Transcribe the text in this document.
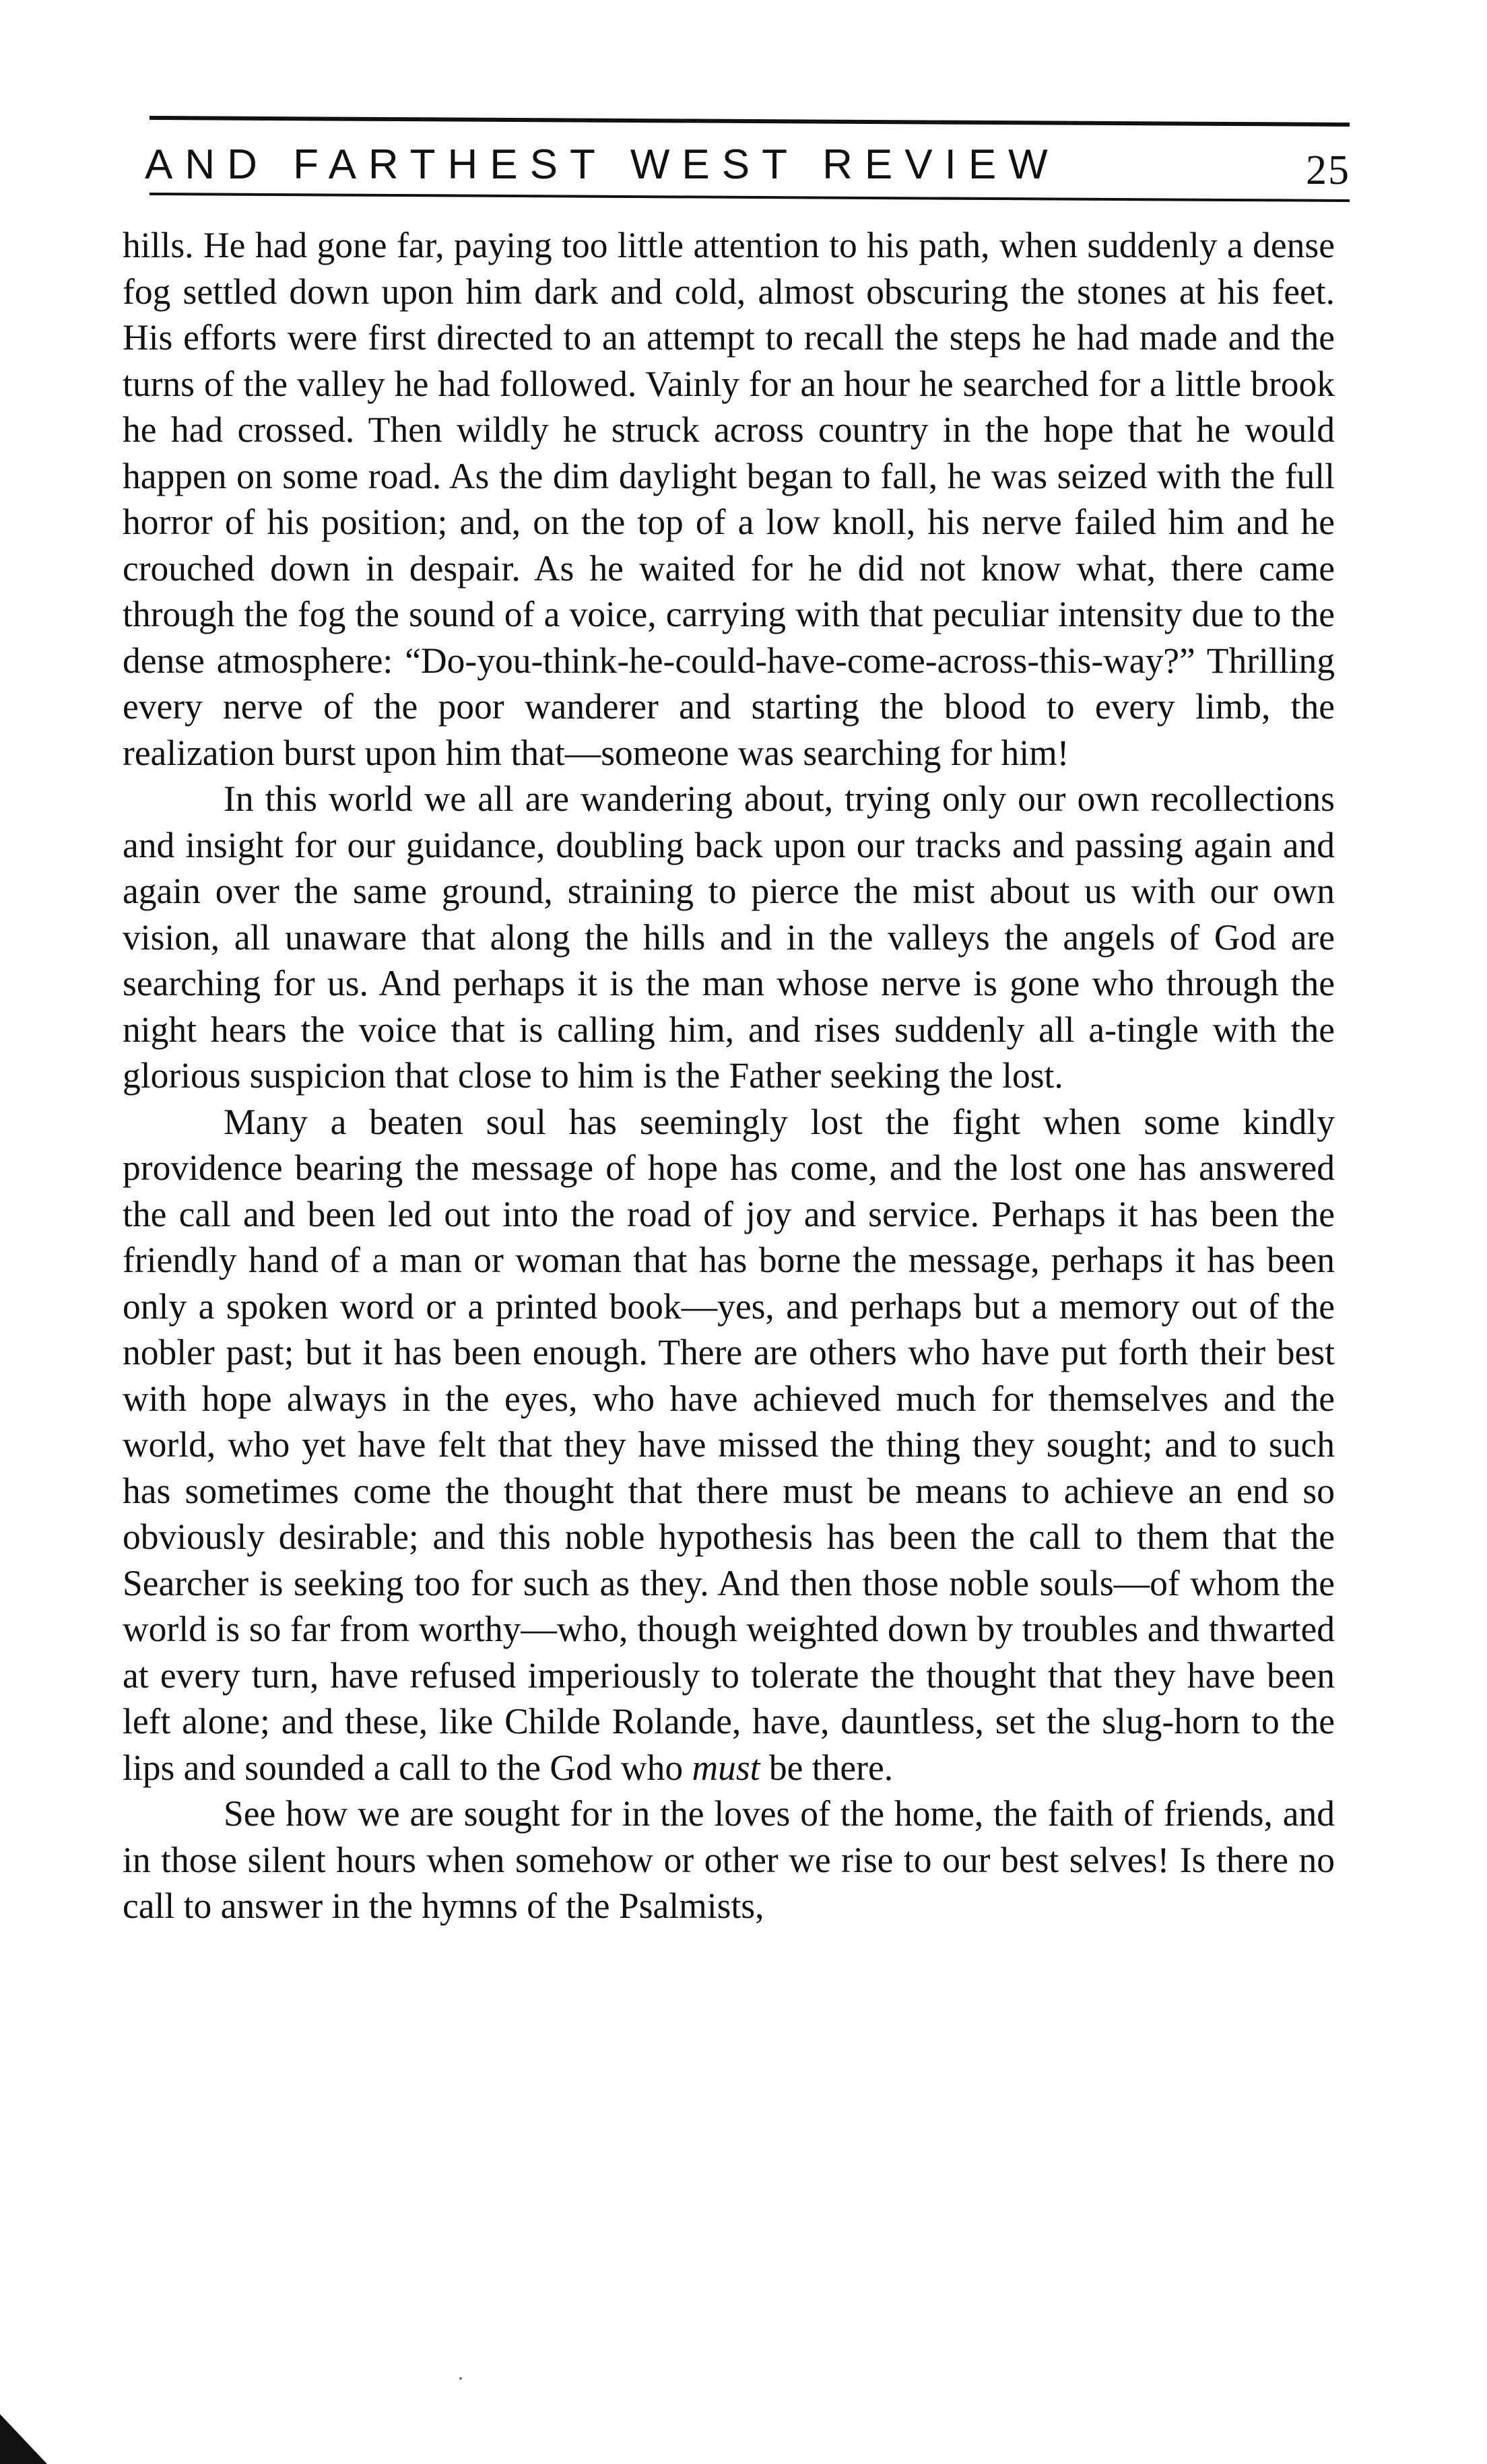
AND FARTHEST WEST REVIEW	25

hills. He had gone far, paying too little attention to his path, when suddenly a dense fog settled down upon him dark and cold, almost obscuring the stones at his feet. His efforts were first directed to an attempt to recall the steps he had made and the turns of the valley he had followed. Vainly for an hour he searched for a little brook he had crossed. Then wildly he struck across country in the hope that he would happen on some road. As the dim daylight began to fall, he was seized with the full horror of his position; and, on the top of a low knoll, his nerve failed him and he crouched down in despair. As he waited for he did not know what, there came through the fog the sound of a voice, carrying with that peculiar intensity due to the dense atmosphere: “Do-you-think-he-could-have-come-across-this-way?” Thrilling every nerve of the poor wanderer and starting the blood to every limb, the realization burst upon him that—someone was searching for him!

In this world we all are wandering about, trying only our own recollections and insight for our guidance, doubling back upon our tracks and passing again and again over the same ground, straining to pierce the mist about us with our own vision, all unaware that along the hills and in the valleys the angels of God are searching for us. And perhaps it is the man whose nerve is gone who through the night hears the voice that is calling him, and rises suddenly all a-tingle with the glorious suspicion that close to him is the Father seeking the lost.

Many a beaten soul has seemingly lost the fight when some kindly providence bearing the message of hope has come, and the lost one has answered the call and been led out into the road of joy and service. Perhaps it has been the friendly hand of a man or woman that has borne the message, perhaps it has been only a spoken word or a printed book—yes, and perhaps but a memory out of the nobler past; but it has been enough. There are others who have put forth their best with hope always in the eyes, who have achieved much for themselves and the world, who yet have felt that they have missed the thing they sought; and to such has sometimes come the thought that there must be means to achieve an end so obviously desirable; and this noble hypothesis has been the call to them that the Searcher is seeking too for such as they. And then those noble souls—of whom the world is so far from worthy—who, though weighted down by troubles and thwarted at every turn, have refused imperiously to tolerate the thought that they have been left alone; and these, like Childe Rolande, have, dauntless, set the slug-horn to the lips and sounded a call to the God who must be there.

See how we are sought for in the loves of the home, the faith of friends, and in those silent hours when somehow or other we rise to our best selves! Is there no call to answer in the hymns of the Psalmists,
